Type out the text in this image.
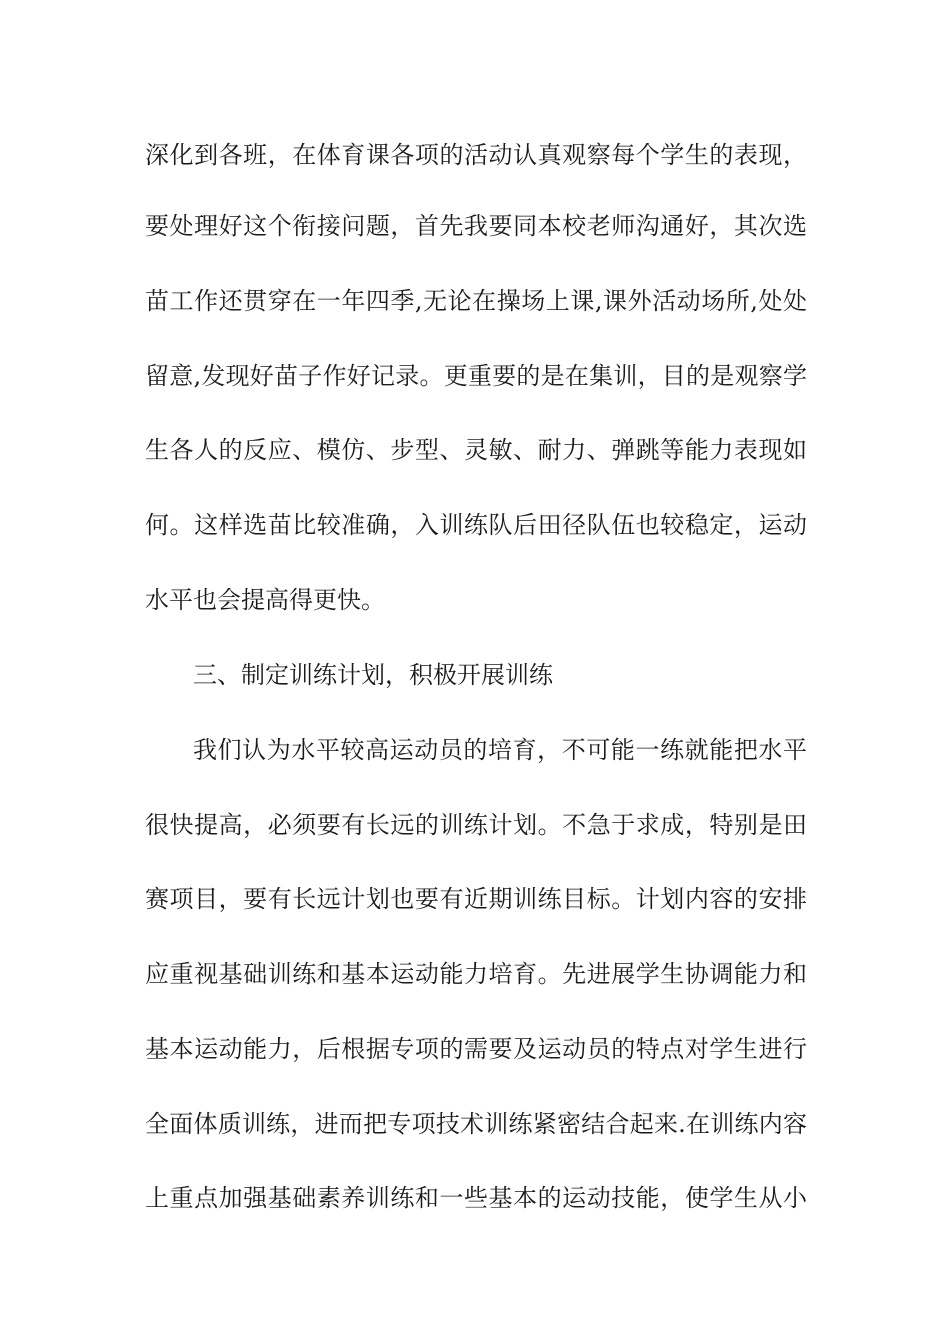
深化到各班，在体育课各项的活动认真观察每个学生的表现，
要处理好这个衔接问题，首先我要同本校老师沟通好，其次选
苗工作还贯穿在一年四季,无论在操场上课,课外活动场所,处处
留意,发现好苗子作好记录。更重要的是在集训，目的是观察学
生各人的反应、模仿、步型、灵敏、耐力、弹跳等能力表现如
何。这样选苗比较准确，入训练队后田径队伍也较稳定，运动
水平也会提高得更快。
三、制定训练计划，积极开展训练
我们认为水平较高运动员的培育，不可能一练就能把水平
很快提高，必须要有长远的训练计划。不急于求成，特别是田
赛项目，要有长远计划也要有近期训练目标。计划内容的安排
应重视基础训练和基本运动能力培育。先进展学生协调能力和
基本运动能力，后根据专项的需要及运动员的特点对学生进行
全面体质训练，进而把专项技术训练紧密结合起来.在训练内容
上重点加强基础素养训练和一些基本的运动技能，使学生从小
